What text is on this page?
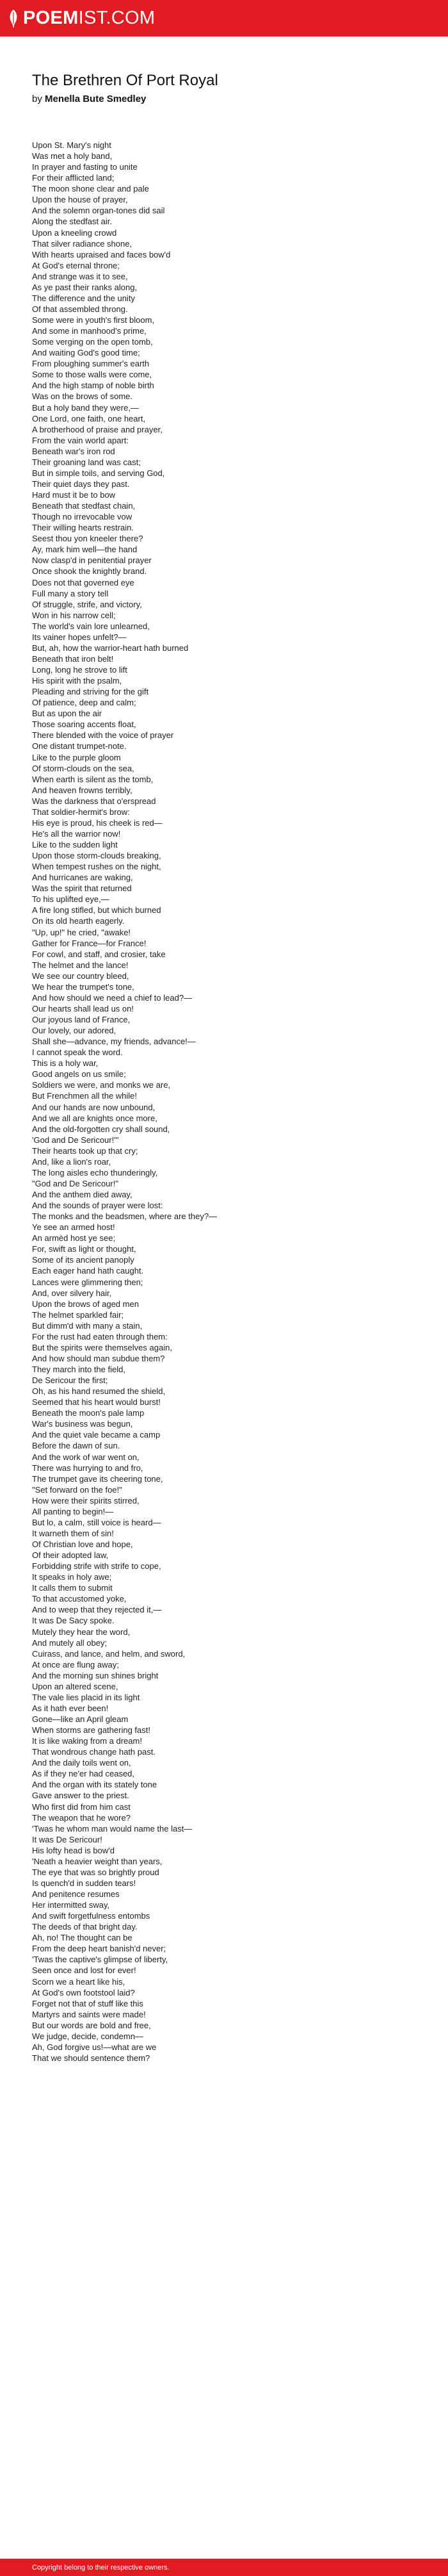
POEMIST.COM
The Brethren Of Port Royal
by Menella Bute Smedley
Upon St. Mary's night
Was met a holy band,
In prayer and fasting to unite
For their afflicted land;
The moon shone clear and pale
Upon the house of prayer,
And the solemn organ-tones did sail
Along the stedfast air.
Upon a kneeling crowd
That silver radiance shone,
With hearts upraised and faces bow'd
At God's eternal throne;
And strange was it to see,
As ye past their ranks along,
The difference and the unity
Of that assembled throng.
Some were in youth's first bloom,
And some in manhood's prime,
Some verging on the open tomb,
And waiting God's good time;
From ploughing summer's earth
Some to those walls were come,
And the high stamp of noble birth
Was on the brows of some.
But a holy band they were,—
One Lord, one faith, one heart,
A brotherhood of praise and prayer,
From the vain world apart:
Beneath war's iron rod
Their groaning land was cast;
But in simple toils, and serving God,
Their quiet days they past.
Hard must it be to bow
Beneath that stedfast chain,
Though no irrevocable vow
Their willing hearts restrain.
Seest thou yon kneeler there?
Ay, mark him well—the hand
Now clasp'd in penitential prayer
Once shook the knightly brand.
Does not that governed eye
Full many a story tell
Of struggle, strife, and victory,
Won in his narrow cell;
The world's vain lore unlearned,
Its vainer hopes unfelt?—
But, ah, how the warrior-heart hath burned
Beneath that iron belt!
Long, long he strove to lift
His spirit with the psalm,
Pleading and striving for the gift
Of patience, deep and calm;
But as upon the air
Those soaring accents float,
There blended with the voice of prayer
One distant trumpet-note.
Like to the purple gloom
Of storm-clouds on the sea,
When earth is silent as the tomb,
And heaven frowns terribly,
Was the darkness that o'erspread
That soldier-hermit's brow:
His eye is proud, his cheek is red—
He's all the warrior now!
Like to the sudden light
Upon those storm-clouds breaking,
When tempest rushes on the night,
And hurricanes are waking,
Was the spirit that returned
To his uplifted eye,—
A fire long stifled, but which burned
On its old hearth eagerly.
"Up, up!" he cried, "awake!
Gather for France—for France!
For cowl, and staff, and crosier, take
The helmet and the lance!
We see our country bleed,
We hear the trumpet's tone,
And how should we need a chief to lead?—
Our hearts shall lead us on!
Our joyous land of France,
Our lovely, our adored,
Shall she—advance, my friends, advance!—
I cannot speak the word.
This is a holy war,
Good angels on us smile;
Soldiers we were, and monks we are,
But Frenchmen all the while!
And our hands are now unbound,
And we all are knights once more,
And the old-forgotten cry shall sound,
'God and De Sericour!'"
Their hearts took up that cry;
And, like a lion's roar,
The long aisles echo thunderingly,
"God and De Sericour!"
And the anthem died away,
And the sounds of prayer were lost:
The monks and the beadsmen, where are they?—
Ye see an armed host!
An armèd host ye see;
For, swift as light or thought,
Some of its ancient panoply
Each eager hand hath caught.
Lances were glimmering then;
And, over silvery hair,
Upon the brows of aged men
The helmet sparkled fair;
But dimm'd with many a stain,
For the rust had eaten through them:
But the spirits were themselves again,
And how should man subdue them?
They march into the field,
De Sericour the first;
Oh, as his hand resumed the shield,
Seemed that his heart would burst!
Beneath the moon's pale lamp
War's business was begun,
And the quiet vale became a camp
Before the dawn of sun.
And the work of war went on,
There was hurrying to and fro,
The trumpet gave its cheering tone,
"Set forward on the foe!"
How were their spirits stirred,
All panting to begin!—
But lo, a calm, still voice is heard—
It warneth them of sin!
Of Christian love and hope,
Of their adopted law,
Forbidding strife with strife to cope,
It speaks in holy awe;
It calls them to submit
To that accustomed yoke,
And to weep that they rejected it,—
It was De Sacy spoke.
Mutely they hear the word,
And mutely all obey;
Cuirass, and lance, and helm, and sword,
At once are flung away;
And the morning sun shines bright
Upon an altered scene,
The vale lies placid in its light
As it hath ever been!
Gone—like an April gleam
When storms are gathering fast!
It is like waking from a dream!
That wondrous change hath past.
And the daily toils went on,
As if they ne'er had ceased,
And the organ with its stately tone
Gave answer to the priest.
Who first did from him cast
The weapon that he wore?
'Twas he whom man would name the last—
It was De Sericour!
His lofty head is bow'd
'Neath a heavier weight than years,
The eye that was so brightly proud
Is quench'd in sudden tears!
And penitence resumes
Her intermitted sway,
And swift forgetfulness entombs
The deeds of that bright day.
Ah, no! The thought can be
From the deep heart banish'd never;
'Twas the captive's glimpse of liberty,
Seen once and lost for ever!
Scorn we a heart like his,
At God's own footstool laid?
Forget not that of stuff like this
Martyrs and saints were made!
But our words are bold and free,
We judge, decide, condemn—
Ah, God forgive us!—what are we
That we should sentence them?
Copyright belong to their respective owners.
